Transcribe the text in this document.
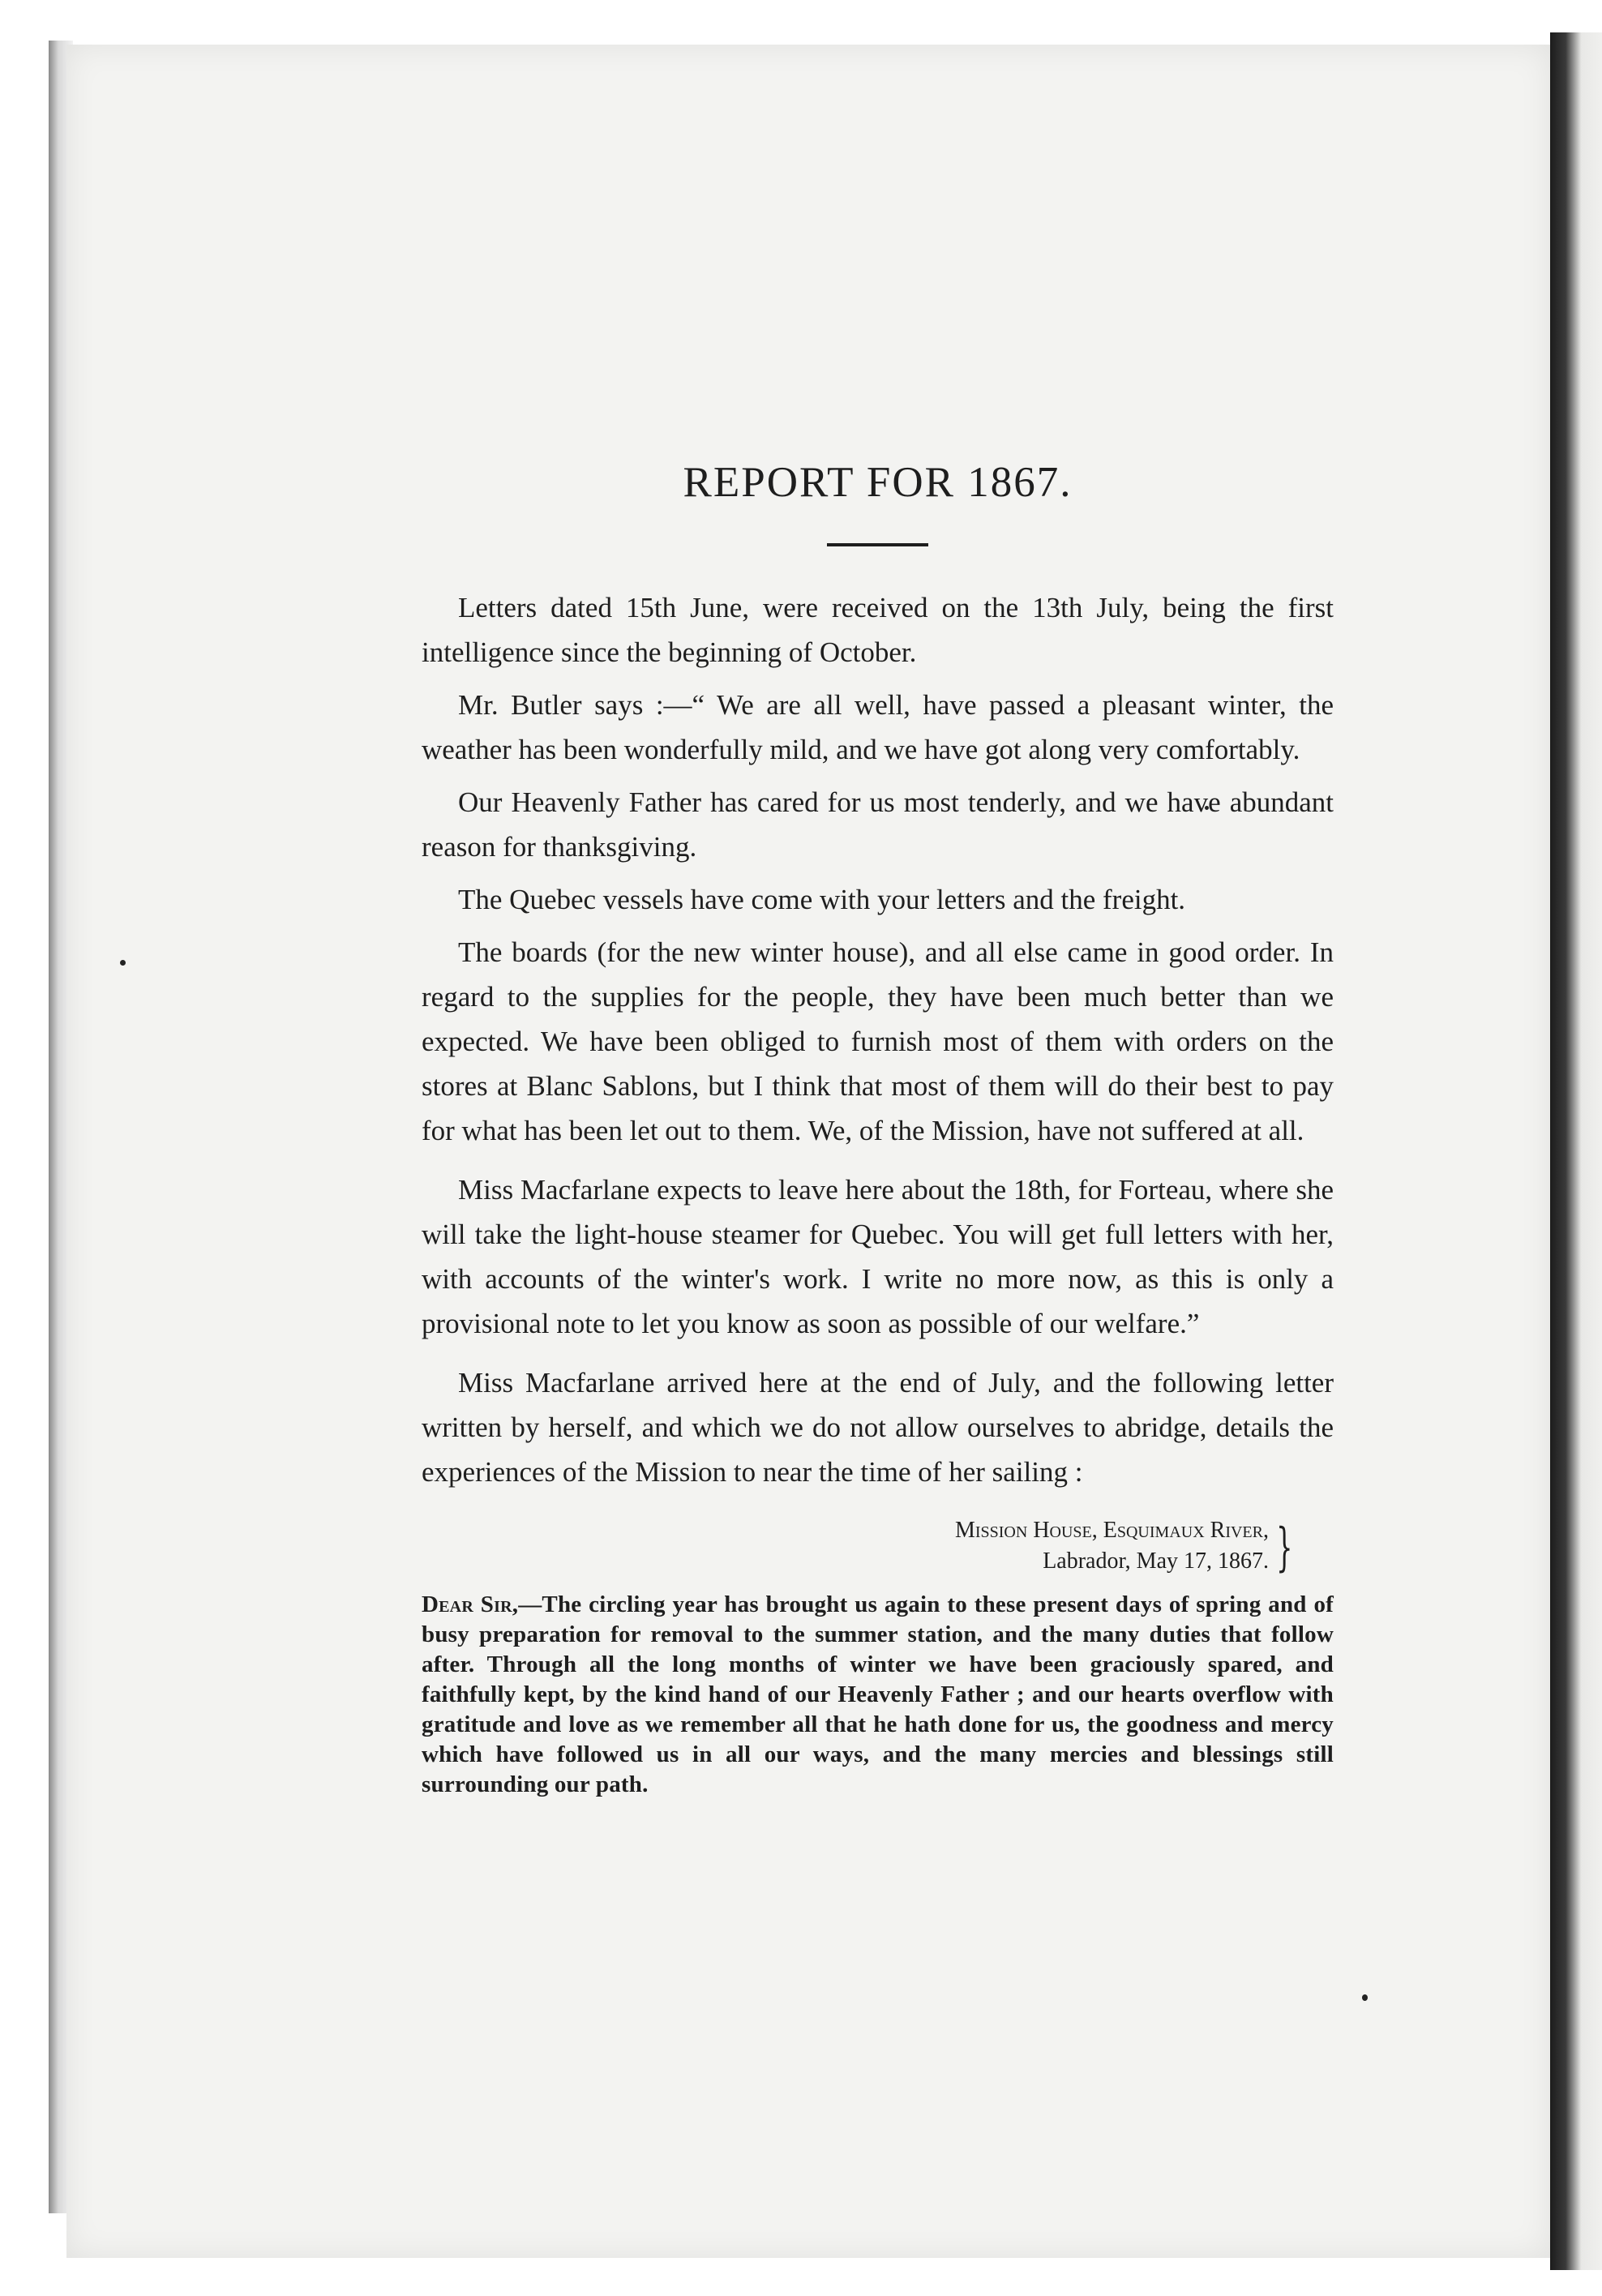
REPORT FOR 1867.

Letters dated 15th June, were received on the 13th July, being the first intelligence since the beginning of October.

Mr. Butler says :—“ We are all well, have passed a pleasant winter, the weather has been wonderfully mild, and we have got along very comfortably.

Our Heavenly Father has cared for us most tenderly, and we have abundant reason for thanksgiving.

The Quebec vessels have come with your letters and the freight.

The boards (for the new winter house), and all else came in good order. In regard to the supplies for the people, they have been much better than we expected. We have been obliged to furnish most of them with orders on the stores at Blanc Sablons, but I think that most of them will do their best to pay for what has been let out to them. We, of the Mission, have not suffered at all.

Miss Macfarlane expects to leave here about the 18th, for Forteau, where she will take the light-house steamer for Quebec. You will get full letters with her, with accounts of the winter's work. I write no more now, as this is only a provisional note to let you know as soon as possible of our welfare.”

Miss Macfarlane arrived here at the end of July, and the following letter written by herself, and which we do not allow ourselves to abridge, details the experiences of the Mission to near the time of her sailing :

Mission House, Esquimaux River,
Labrador, May 17, 1867. }

Dear Sir,—The circling year has brought us again to these present days of spring and of busy preparation for removal to the summer station, and the many duties that follow after. Through all the long months of winter we have been graciously spared, and faithfully kept, by the kind hand of our Heavenly Father ; and our hearts overflow with gratitude and love as we remember all that he hath done for us, the goodness and mercy which have followed us in all our ways, and the many mercies and blessings still surrounding our path.
